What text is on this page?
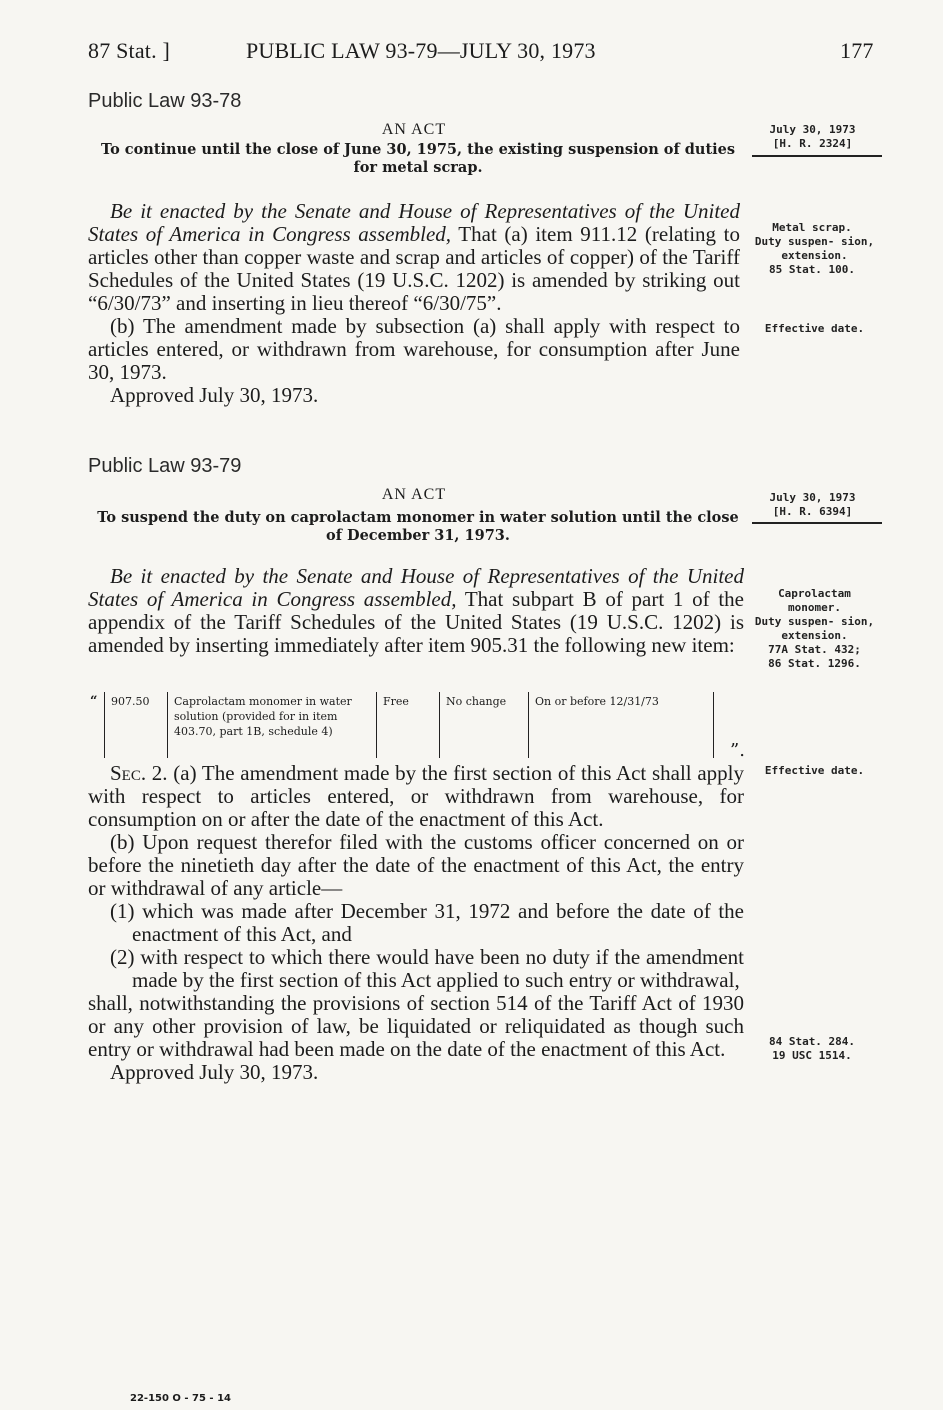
87 Stat. ]	PUBLIC LAW 93-79—JULY 30, 1973	177
Public Law 93-78
AN ACT
To continue until the close of June 30, 1975, the existing suspension of duties for metal scrap.
July 30, 1973
[H. R. 2324]

Be it enacted by the Senate and House of Representatives of the United States of America in Congress assembled, That (a) item 911.12 (relating to articles other than copper waste and scrap and articles of copper) of the Tariff Schedules of the United States (19 U.S.C. 1202) is amended by striking out “6/30/73” and inserting in lieu thereof “6/30/75”.

(b) The amendment made by subsection (a) shall apply with respect to articles entered, or withdrawn from warehouse, for consumption after June 30, 1973.

Approved July 30, 1973.

Metal scrap.
Duty suspen- sion, extension.
85 Stat. 100.
Effective date.
Public Law 93-79
AN ACT
To suspend the duty on caprolactam monomer in water solution until the close of December 31, 1973.
July 30, 1973
[H. R. 6394]

Be it enacted by the Senate and House of Representatives of the United States of America in Congress assembled, That subpart B of part 1 of the appendix of the Tariff Schedules of the United States (19 U.S.C. 1202) is amended by inserting immediately after item 905.31 the following new item:

Caprolactam monomer.
Duty suspen- sion, extension.
77A Stat. 432;
86 Stat. 1296.
“ 907.50	Caprolactam monomer in water solution (provided for in item 403.70, part 1B, schedule 4)	Free	No change	On or before 12/31/73
”.

Sec. 2. (a) The amendment made by the first section of this Act shall apply with respect to articles entered, or withdrawn from warehouse, for consumption on or after the date of the enactment of this Act.

(b) Upon request therefor filed with the customs officer concerned on or before the ninetieth day after the date of the enactment of this Act, the entry or withdrawal of any article—

(1) which was made after December 31, 1972 and before the date of the enactment of this Act, and

(2) with respect to which there would have been no duty if the amendment made by the first section of this Act applied to such entry or withdrawal,

shall, notwithstanding the provisions of section 514 of the Tariff Act of 1930 or any other provision of law, be liquidated or reliquidated as though such entry or withdrawal had been made on the date of the enactment of this Act.

Approved July 30, 1973.

Effective date.
84 Stat. 284.
19 USC 1514.
22-150 O - 75 - 14
